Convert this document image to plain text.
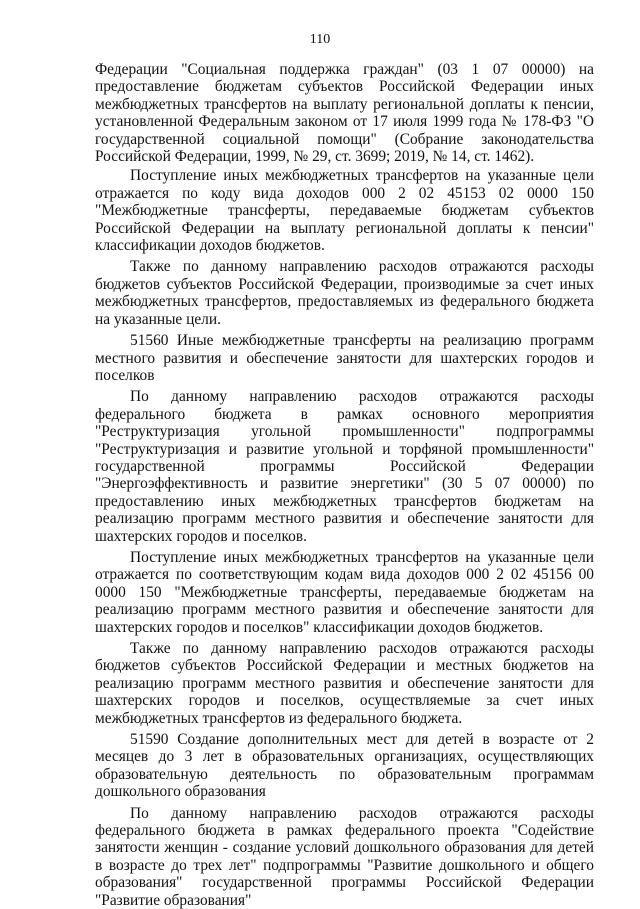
110

Федерации "Социальная поддержка граждан" (03 1 07 00000) на предоставление бюджетам субъектов Российской Федерации иных межбюджетных трансфертов на выплату региональной доплаты к пенсии, установленной Федеральным законом от 17 июля 1999 года № 178-ФЗ "О государственной социальной помощи" (Собрание законодательства Российской Федерации, 1999, № 29, ст. 3699; 2019, № 14, ст. 1462).

Поступление иных межбюджетных трансфертов на указанные цели отражается по коду вида доходов 000 2 02 45153 02 0000 150 "Межбюджетные трансферты, передаваемые бюджетам субъектов Российской Федерации на выплату региональной доплаты к пенсии" классификации доходов бюджетов.

Также по данному направлению расходов отражаются расходы бюджетов субъектов Российской Федерации, производимые за счет иных межбюджетных трансфертов, предоставляемых из федерального бюджета на указанные цели.

51560 Иные межбюджетные трансферты на реализацию программ местного развития и обеспечение занятости для шахтерских городов и поселков

По данному направлению расходов отражаются расходы федерального бюджета в рамках основного мероприятия "Реструктуризация угольной промышленности" подпрограммы "Реструктуризация и развитие угольной и торфяной промышленности" государственной программы Российской Федерации "Энергоэффективность и развитие энергетики" (30 5 07 00000) по предоставлению иных межбюджетных трансфертов бюджетам на реализацию программ местного развития и обеспечение занятости для шахтерских городов и поселков.

Поступление иных межбюджетных трансфертов на указанные цели отражается по соответствующим кодам вида доходов 000 2 02 45156 00 0000 150 "Межбюджетные трансферты, передаваемые бюджетам на реализацию программ местного развития и обеспечение занятости для шахтерских городов и поселков" классификации доходов бюджетов.

Также по данному направлению расходов отражаются расходы бюджетов субъектов Российской Федерации и местных бюджетов на реализацию программ местного развития и обеспечение занятости для шахтерских городов и поселков, осуществляемые за счет иных межбюджетных трансфертов из федерального бюджета.

51590 Создание дополнительных мест для детей в возрасте от 2 месяцев до 3 лет в образовательных организациях, осуществляющих образовательную деятельность по образовательным программам дошкольного образования

По данному направлению расходов отражаются расходы федерального бюджета в рамках федерального проекта "Содействие занятости женщин - создание условий дошкольного образования для детей в возрасте до трех лет" подпрограммы "Развитие дошкольного и общего образования" государственной программы Российской Федерации "Развитие образования"
